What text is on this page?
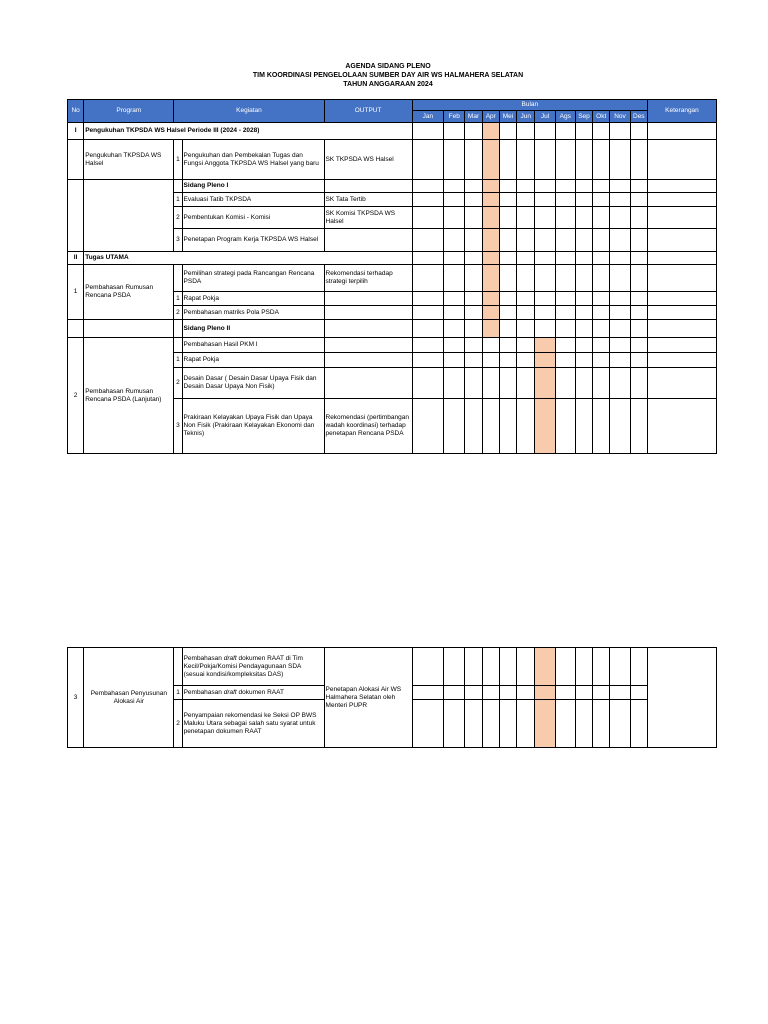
AGENDA SIDANG PLENO
TIM KOORDINASI PENGELOLAAN SUMBER DAY AIR WS HALMAHERA SELATAN
TAHUN ANGGARAAN 2024
No	Program	Kegiatan		OUTPUT	Bulan												Keterangan
					Jan	Feb	Mar	Apr	Mei	Jun	Jul	Ags	Sep	Okt	Nov	Des	
I	Pengukuhan TKPSDA WS Halsel Periode III (2024 - 2028)																
	Pengukuhan TKPSDA WS Halsel	1	Pengukuhan dan Pembekalan Tugas dan Fungsi Anggota TKPSDA WS Halsel yang baru	SK TKPSDA WS Halsel													
			Sidang Pleno I														
		1	Evaluasi Tatib TKPSDA	SK Tata Tertib													
		2	Pembentukan Komisi - Komisi	SK Komisi TKPSDA WS Halsel													
		3	Penetapan Program Kerja TKPSDA WS Halsel														
II	Tugas UTAMA																
1	Pembahasan Rumusan Rencana PSDA		Pemilihan strategi pada Rancangan Rencana PSDA	Rekomendasi terhadap strategi terpilih													
		1	Rapat Pokja														
		2	Pembahasan matriks Pola PSDA														
			Sidang Pleno II														
2	Pembahasan Rumusan Rencana PSDA (Lanjutan)		Pembahasan Hasil PKM I														
		1	Rapat Pokja														
		2	Desain Dasar ( Desain Dasar Upaya Fisik dan Desain Dasar Upaya Non Fisik)														
		3	Prakiraan Kelayakan Upaya Fisik dan Upaya Non Fisik (Prakiraan Kelayakan Ekonomi dan Teknis)	Rekomendasi (pertimbangan wadah koordinasi) terhadap penetapan Rencana PSDA													
3	Pembahasan Penyusunan Alokasi Air		Pembahasan draft dokumen RAAT di Tim Kecil/Pokja/Komisi Pendayagunaan SDA (sesuai kondisi/kompleksitas DAS)	Penetapan Alokasi Air WS Halmahera Selatan oleh Menteri PUPR													
		1	Pembahasan draft dokumen RAAT														
		2	Penyampaian rekomendasi ke Seksi OP BWS Maluku Utara sebagai salah satu syarat untuk penetapan dokumen RAAT														
